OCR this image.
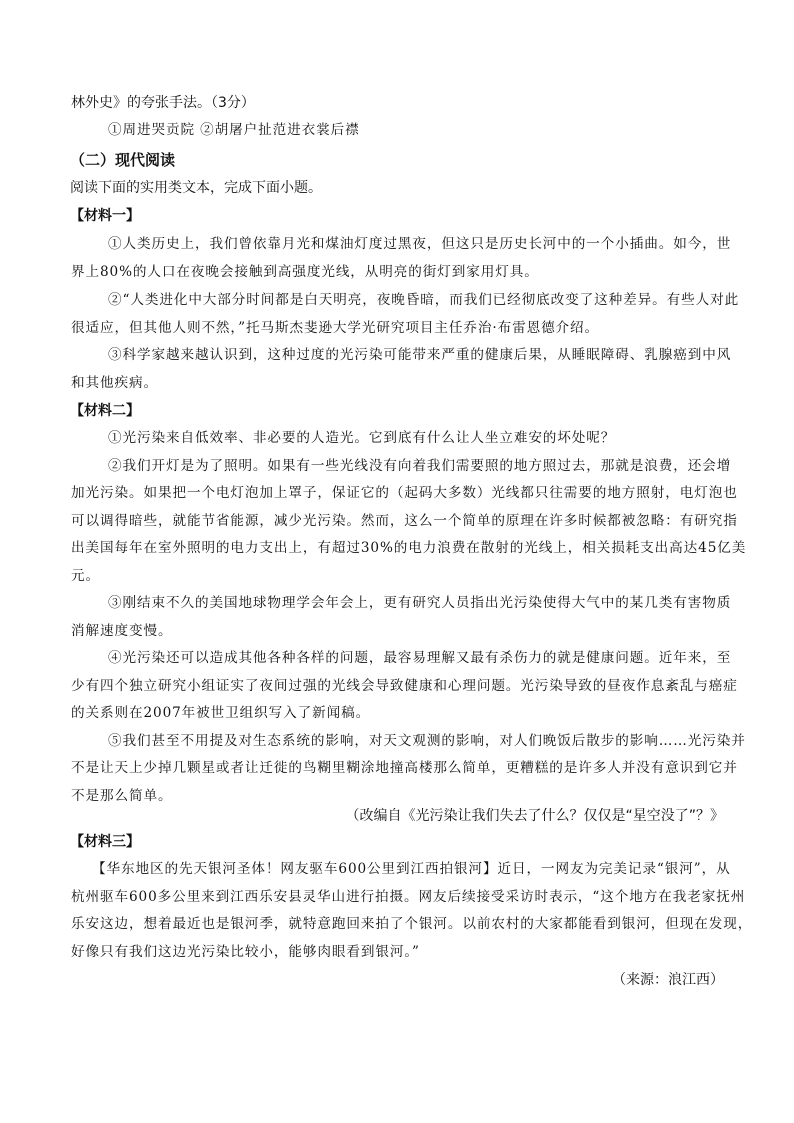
林外史》的夸张手法。（3分）
①周进哭贡院 ②胡屠户扯范进衣裳后襟
（二）现代阅读
阅读下面的实用类文本，完成下面小题。
【材料一】
①人类历史上，我们曾依靠月光和煤油灯度过黑夜，但这只是历史长河中的一个小插曲。如今，世
界上80%的人口在夜晚会接触到高强度光线，从明亮的街灯到家用灯具。
②“人类进化中大部分时间都是白天明亮，夜晚昏暗，而我们已经彻底改变了这种差异。有些人对此
很适应，但其他人则不然，”托马斯杰斐逊大学光研究项目主任乔治·布雷恩德介绍。
③科学家越来越认识到，这种过度的光污染可能带来严重的健康后果，从睡眠障碍、乳腺癌到中风
和其他疾病。
【材料二】
①光污染来自低效率、非必要的人造光。它到底有什么让人坐立难安的坏处呢？
②我们开灯是为了照明。如果有一些光线没有向着我们需要照的地方照过去，那就是浪费，还会增
加光污染。如果把一个电灯泡加上罩子，保证它的（起码大多数）光线都只往需要的地方照射，电灯泡也
可以调得暗些，就能节省能源，减少光污染。然而，这么一个简单的原理在许多时候都被忽略：有研究指
出美国每年在室外照明的电力支出上，有超过30%的电力浪费在散射的光线上，相关损耗支出高达45亿美
元。
③刚结束不久的美国地球物理学会年会上，更有研究人员指出光污染使得大气中的某几类有害物质
消解速度变慢。
④光污染还可以造成其他各种各样的问题，最容易理解又最有杀伤力的就是健康问题。近年来，至
少有四个独立研究小组证实了夜间过强的光线会导致健康和心理问题。光污染导致的昼夜作息紊乱与癌症
的关系则在2007年被世卫组织写入了新闻稿。
⑤我们甚至不用提及对生态系统的影响，对天文观测的影响，对人们晚饭后散步的影响……光污染并
不是让天上少掉几颗星或者让迁徙的鸟糊里糊涂地撞高楼那么简单，更糟糕的是许多人并没有意识到它并
不是那么简单。
（改编自《光污染让我们失去了什么？仅仅是“星空没了”？》
【材料三】
【华东地区的先天银河圣体！网友驱车600公里到江西拍银河】近日，一网友为完美记录“银河”，从
杭州驱车600多公里来到江西乐安县灵华山进行拍摄。网友后续接受采访时表示，“这个地方在我老家抚州
乐安这边，想着最近也是银河季，就特意跑回来拍了个银河。以前农村的大家都能看到银河，但现在发现，
好像只有我们这边光污染比较小，能够肉眼看到银河。”
（来源：浪江西）
